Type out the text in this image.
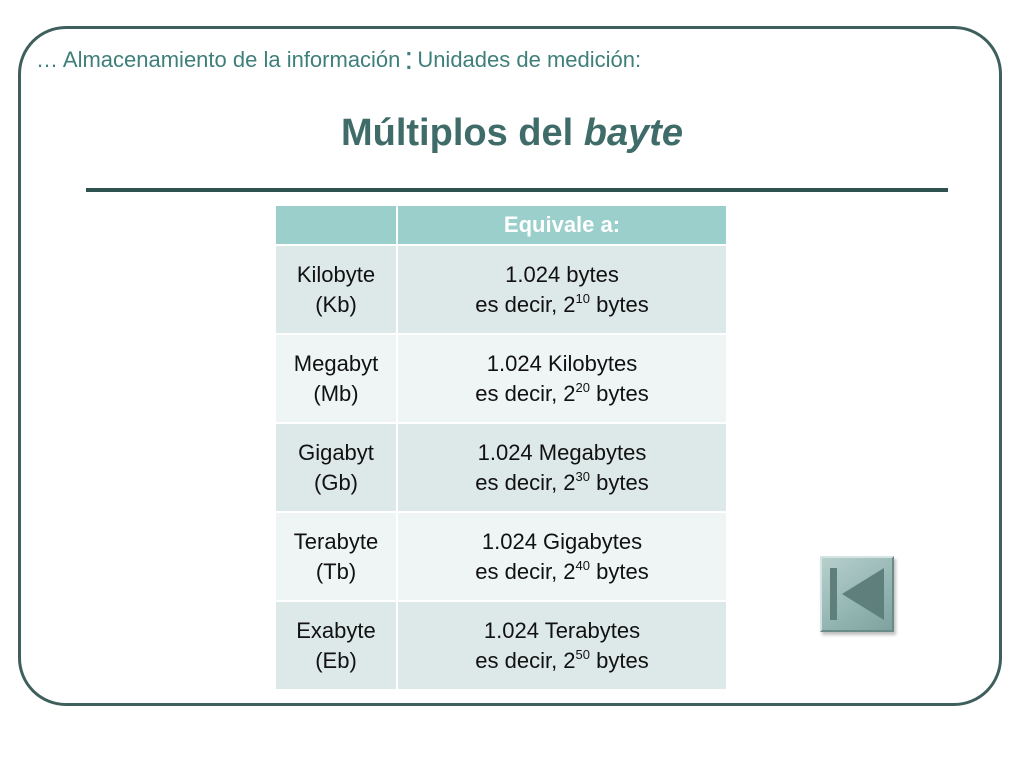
… Almacenamiento de la información : Unidades de medición:
Múltiplos del bayte
	Equivale a:
Kilobyte
(Kb)	1.024 bytes
es decir, $2^{10}$ bytes
Megabyt
(Mb)	1.024 Kilobytes
es decir, $2^{20}$ bytes
Gigabyt
(Gb)	1.024 Megabytes
es decir, $2^{30}$ bytes
Terabyte
(Tb)	1.024 Gigabytes
es decir, $2^{40}$ bytes
Exabyte
(Eb)	1.024 Terabytes
es decir, $2^{50}$ bytes
